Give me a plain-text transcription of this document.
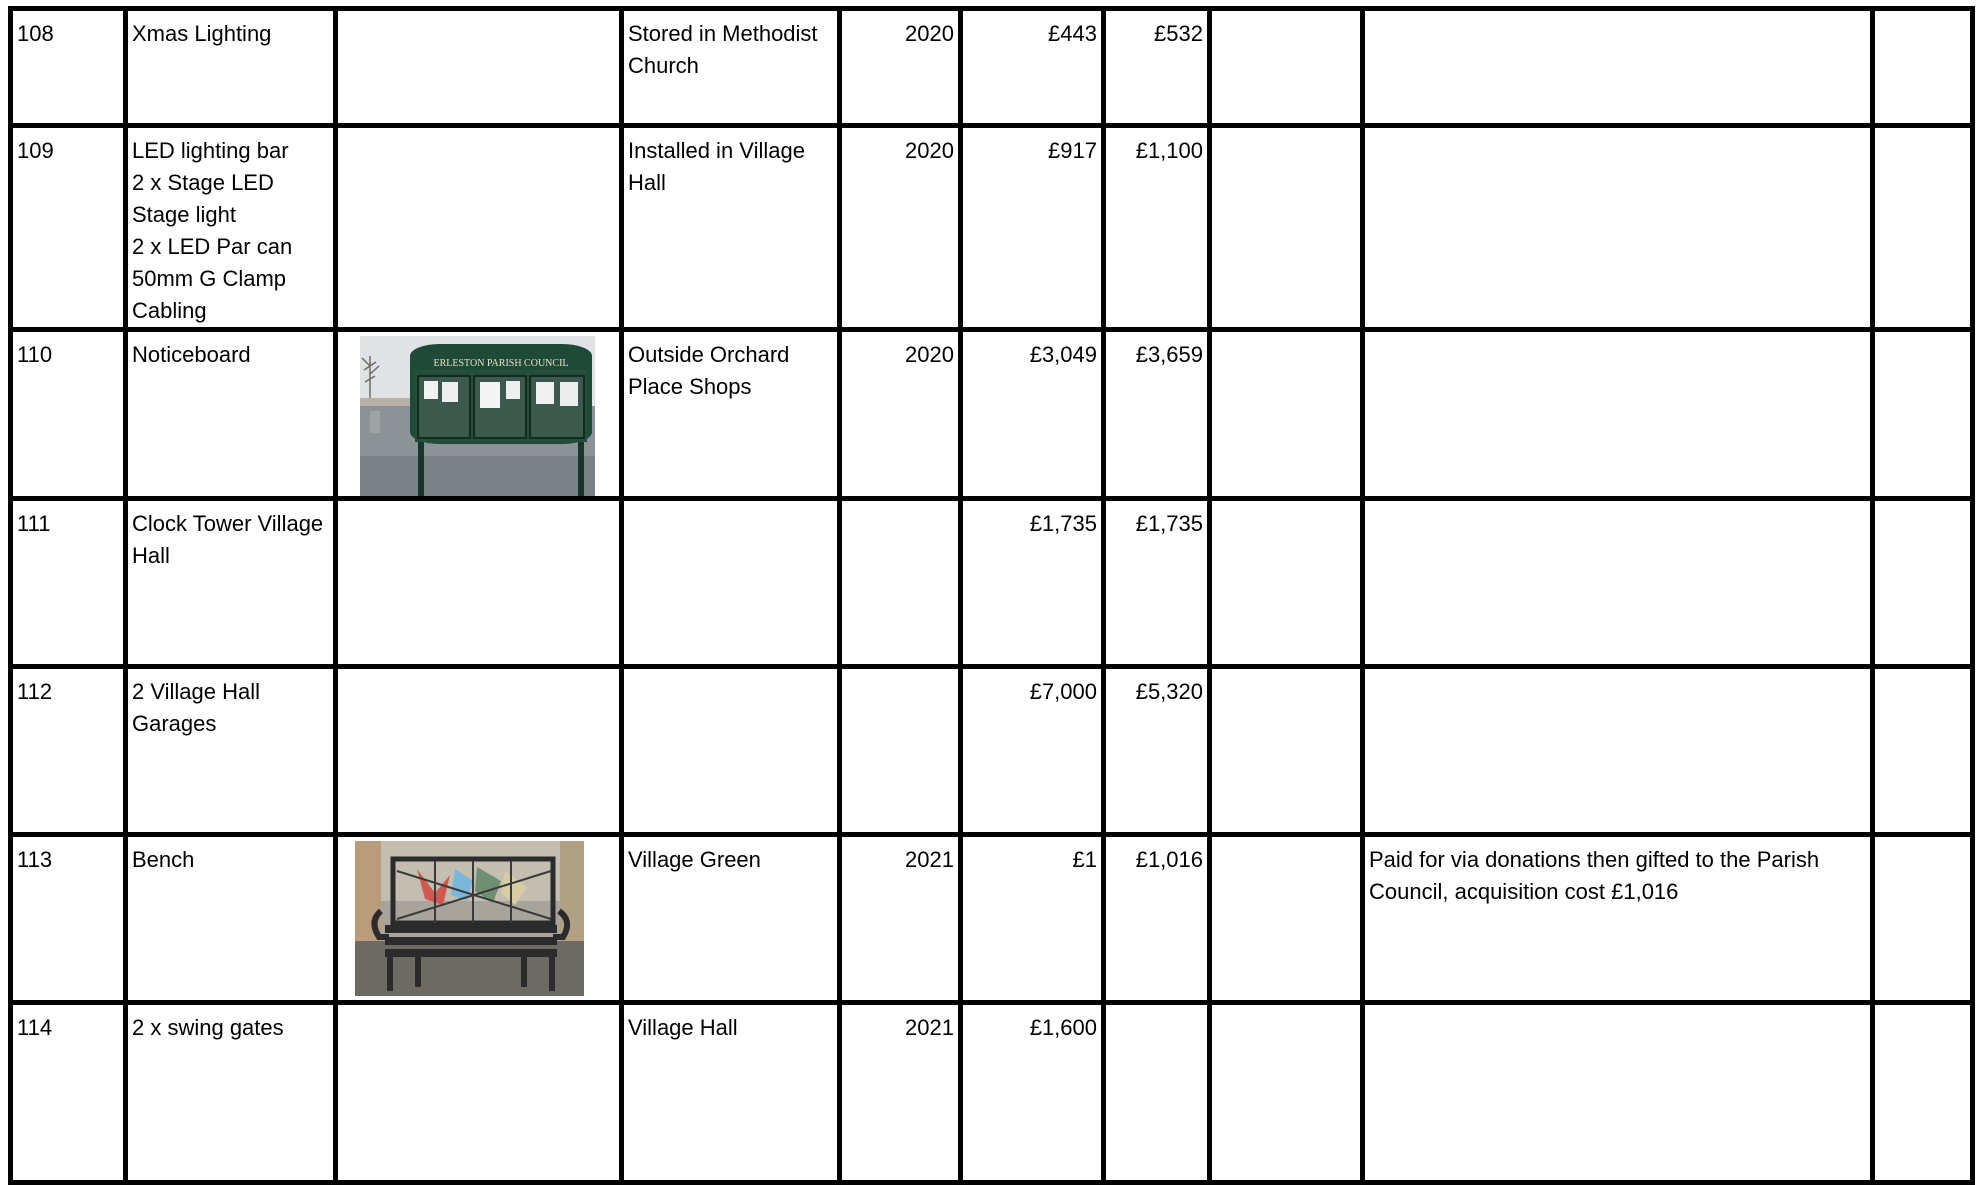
108	Xmas Lighting		Stored in Methodist Church	2020	£443	£532			
109	LED lighting bar
2 x Stage LED Stage light
2 x LED Par can
50mm G Clamp
Cabling		Installed in Village Hall	2020	£917	£1,100			
110	Noticeboard	ERLESTON PARISH COUNCIL	Outside Orchard Place Shops	2020	£3,049	£3,659			
111	Clock Tower Village Hall				£1,735	£1,735			
112	2 Village Hall Garages				£7,000	£5,320			
113	Bench		Village Green	2021	£1	£1,016		Paid for via donations then gifted to the Parish Council, acquisition cost £1,016	
114	2 x swing gates		Village Hall	2021	£1,600				
